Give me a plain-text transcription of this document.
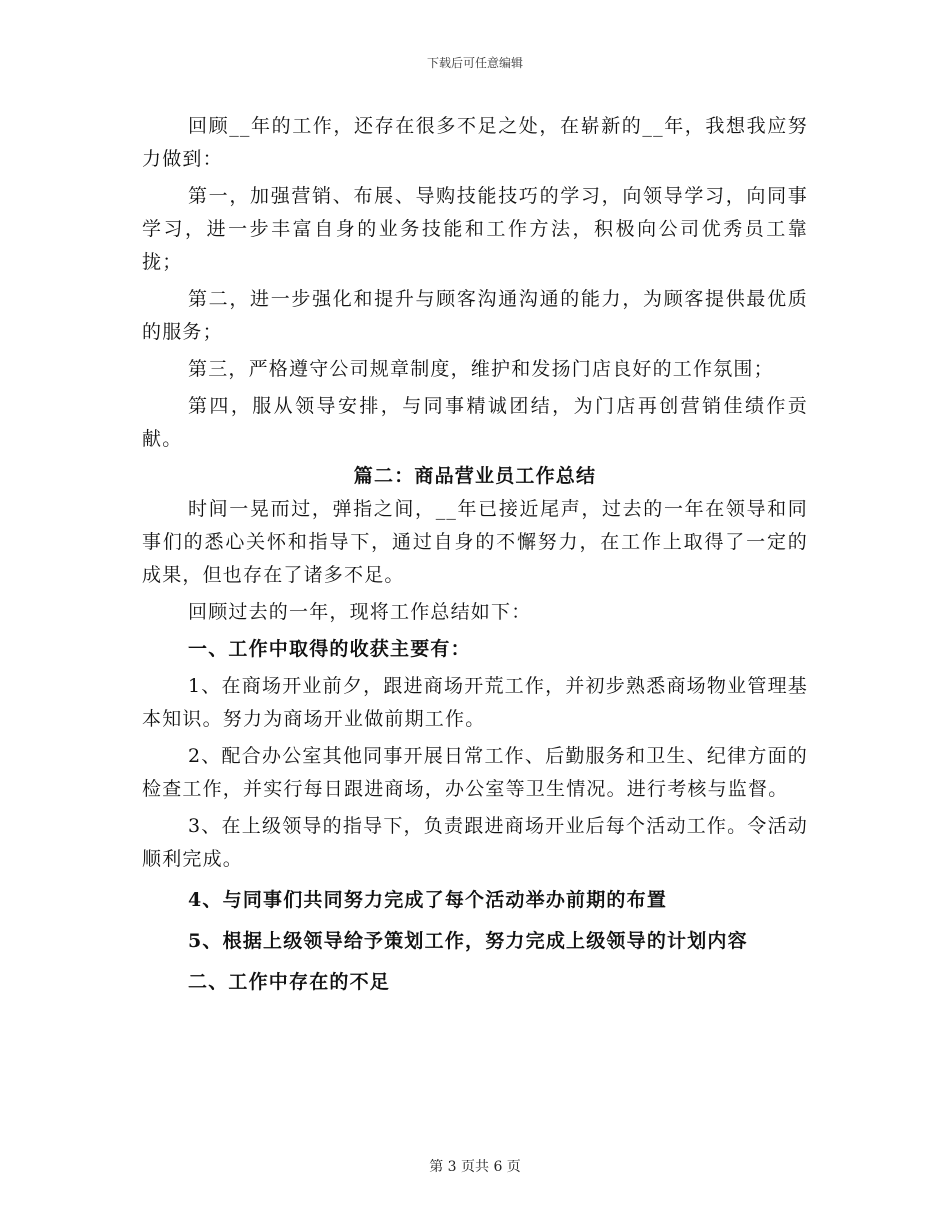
下载后可任意编辑

回顾__年的工作，还存在很多不足之处，在崭新的__年，我想我应努力做到：

第一，加强营销、布展、导购技能技巧的学习，向领导学习，向同事学习，进一步丰富自身的业务技能和工作方法，积极向公司优秀员工靠拢；

第二，进一步强化和提升与顾客沟通沟通的能力，为顾客提供最优质的服务；

第三，严格遵守公司规章制度，维护和发扬门店良好的工作氛围；

第四，服从领导安排，与同事精诚团结，为门店再创营销佳绩作贡献。

篇二：商品营业员工作总结

时间一晃而过，弹指之间，__年已接近尾声，过去的一年在领导和同事们的悉心关怀和指导下，通过自身的不懈努力，在工作上取得了一定的成果，但也存在了诸多不足。

回顾过去的一年，现将工作总结如下：

一、工作中取得的收获主要有：

1、在商场开业前夕，跟进商场开荒工作，并初步熟悉商场物业管理基本知识。努力为商场开业做前期工作。

2、配合办公室其他同事开展日常工作、后勤服务和卫生、纪律方面的检查工作，并实行每日跟进商场，办公室等卫生情况。进行考核与监督。

3、在上级领导的指导下，负责跟进商场开业后每个活动工作。令活动顺利完成。

4、与同事们共同努力完成了每个活动举办前期的布置

5、根据上级领导给予策划工作，努力完成上级领导的计划内容

二、工作中存在的不足

第 3 页共 6 页
